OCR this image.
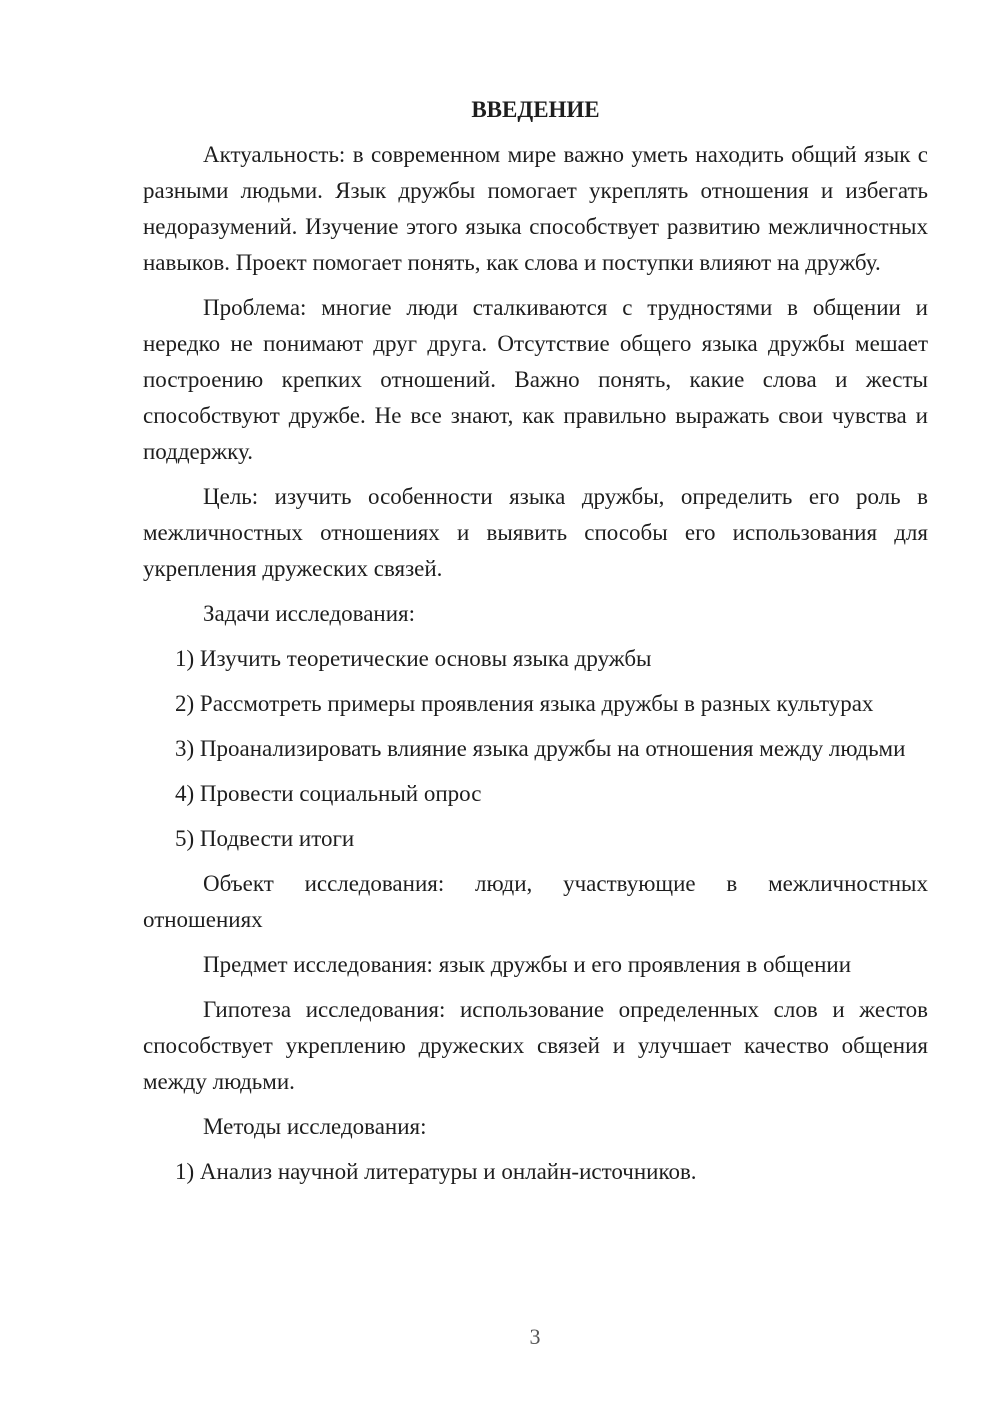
ВВЕДЕНИЕ

Актуальность: в современном мире важно уметь находить общий язык с разными людьми. Язык дружбы помогает укреплять отношения и избегать недоразумений. Изучение этого языка способствует развитию межличностных навыков. Проект помогает понять, как слова и поступки влияют на дружбу.

Проблема: многие люди сталкиваются с трудностями в общении и нередко не понимают друг друга. Отсутствие общего языка дружбы мешает построению крепких отношений. Важно понять, какие слова и жесты способствуют дружбе. Не все знают, как правильно выражать свои чувства и поддержку.

Цель: изучить особенности языка дружбы, определить его роль в межличностных отношениях и выявить способы его использования для укрепления дружеских связей.

Задачи исследования:

1) Изучить теоретические основы языка дружбы

2) Рассмотреть примеры проявления языка дружбы в разных культурах

3) Проанализировать влияние языка дружбы на отношения между людьми

4) Провести социальный опрос

5) Подвести итоги

Объект исследования: люди, участвующие в межличностных отношениях

Предмет исследования: язык дружбы и его проявления в общении

Гипотеза исследования: использование определенных слов и жестов способствует укреплению дружеских связей и улучшает качество общения между людьми.

Методы исследования:

1) Анализ научной литературы и онлайн-источников.

3
